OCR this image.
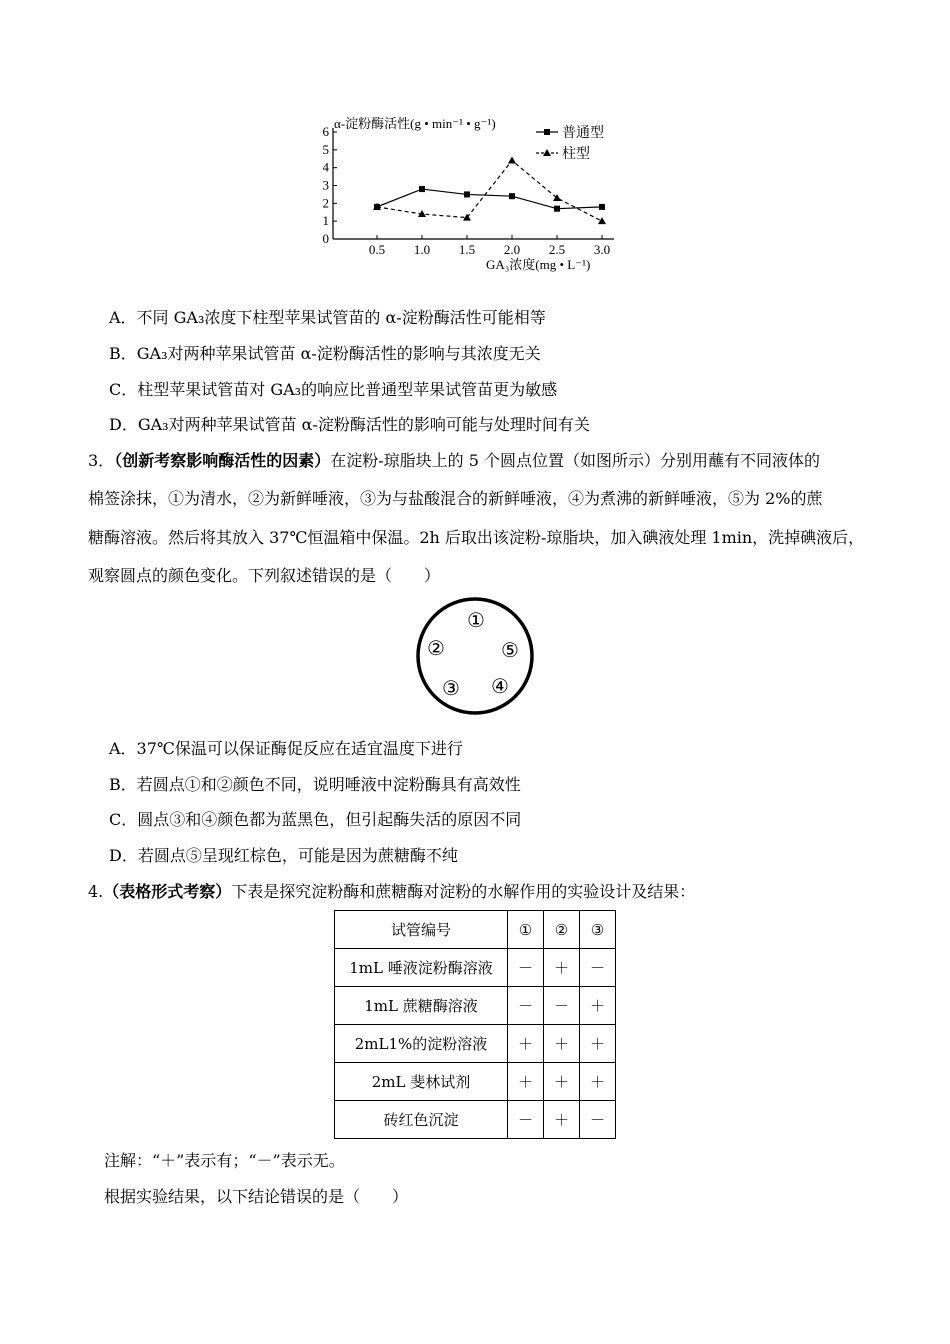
0
1
2
3
4
5
6
0.5 1.0 1.5 2.0 2.5 3.0
普通型
柱型
α-淀粉酶活性(g • min⁻¹ • g⁻¹)
GA₃浓度(mg • L⁻¹)
A．不同 GA₃浓度下柱型苹果试管苗的 α-淀粉酶活性可能相等
B．GA₃对两种苹果试管苗 α-淀粉酶活性的影响与其浓度无关
C．柱型苹果试管苗对 GA₃的响应比普通型苹果试管苗更为敏感
D．GA₃对两种苹果试管苗 α-淀粉酶活性的影响可能与处理时间有关
3．（创新考察影响酶活性的因素）在淀粉-琼脂块上的 5 个圆点位置（如图所示）分别用蘸有不同液体的
棉签涂抹，①为清水，②为新鲜唾液，③为与盐酸混合的新鲜唾液，④为煮沸的新鲜唾液，⑤为 2%的蔗
糖酶溶液。然后将其放入 37℃恒温箱中保温。2h 后取出该淀粉-琼脂块，加入碘液处理 1min，洗掉碘液后，
观察圆点的颜色变化。下列叙述错误的是（　　）
①
②	⑤
③ ④
A．37℃保温可以保证酶促反应在适宜温度下进行
B．若圆点①和②颜色不同，说明唾液中淀粉酶具有高效性
C．圆点③和④颜色都为蓝黑色，但引起酶失活的原因不同
D．若圆点⑤呈现红棕色，可能是因为蔗糖酶不纯
4.（表格形式考察）下表是探究淀粉酶和蔗糖酶对淀粉的水解作用的实验设计及结果：
试管编号	①	②	③
1mL 唾液淀粉酶溶液	－	＋	－
1mL 蔗糖酶溶液	－	－	＋
2mL1%的淀粉溶液	＋	＋	＋
2mL 斐林试剂	＋	＋	＋
砖红色沉淀	－	＋	－
注解：“＋”表示有；“－”表示无。
根据实验结果，以下结论错误的是（　　）
